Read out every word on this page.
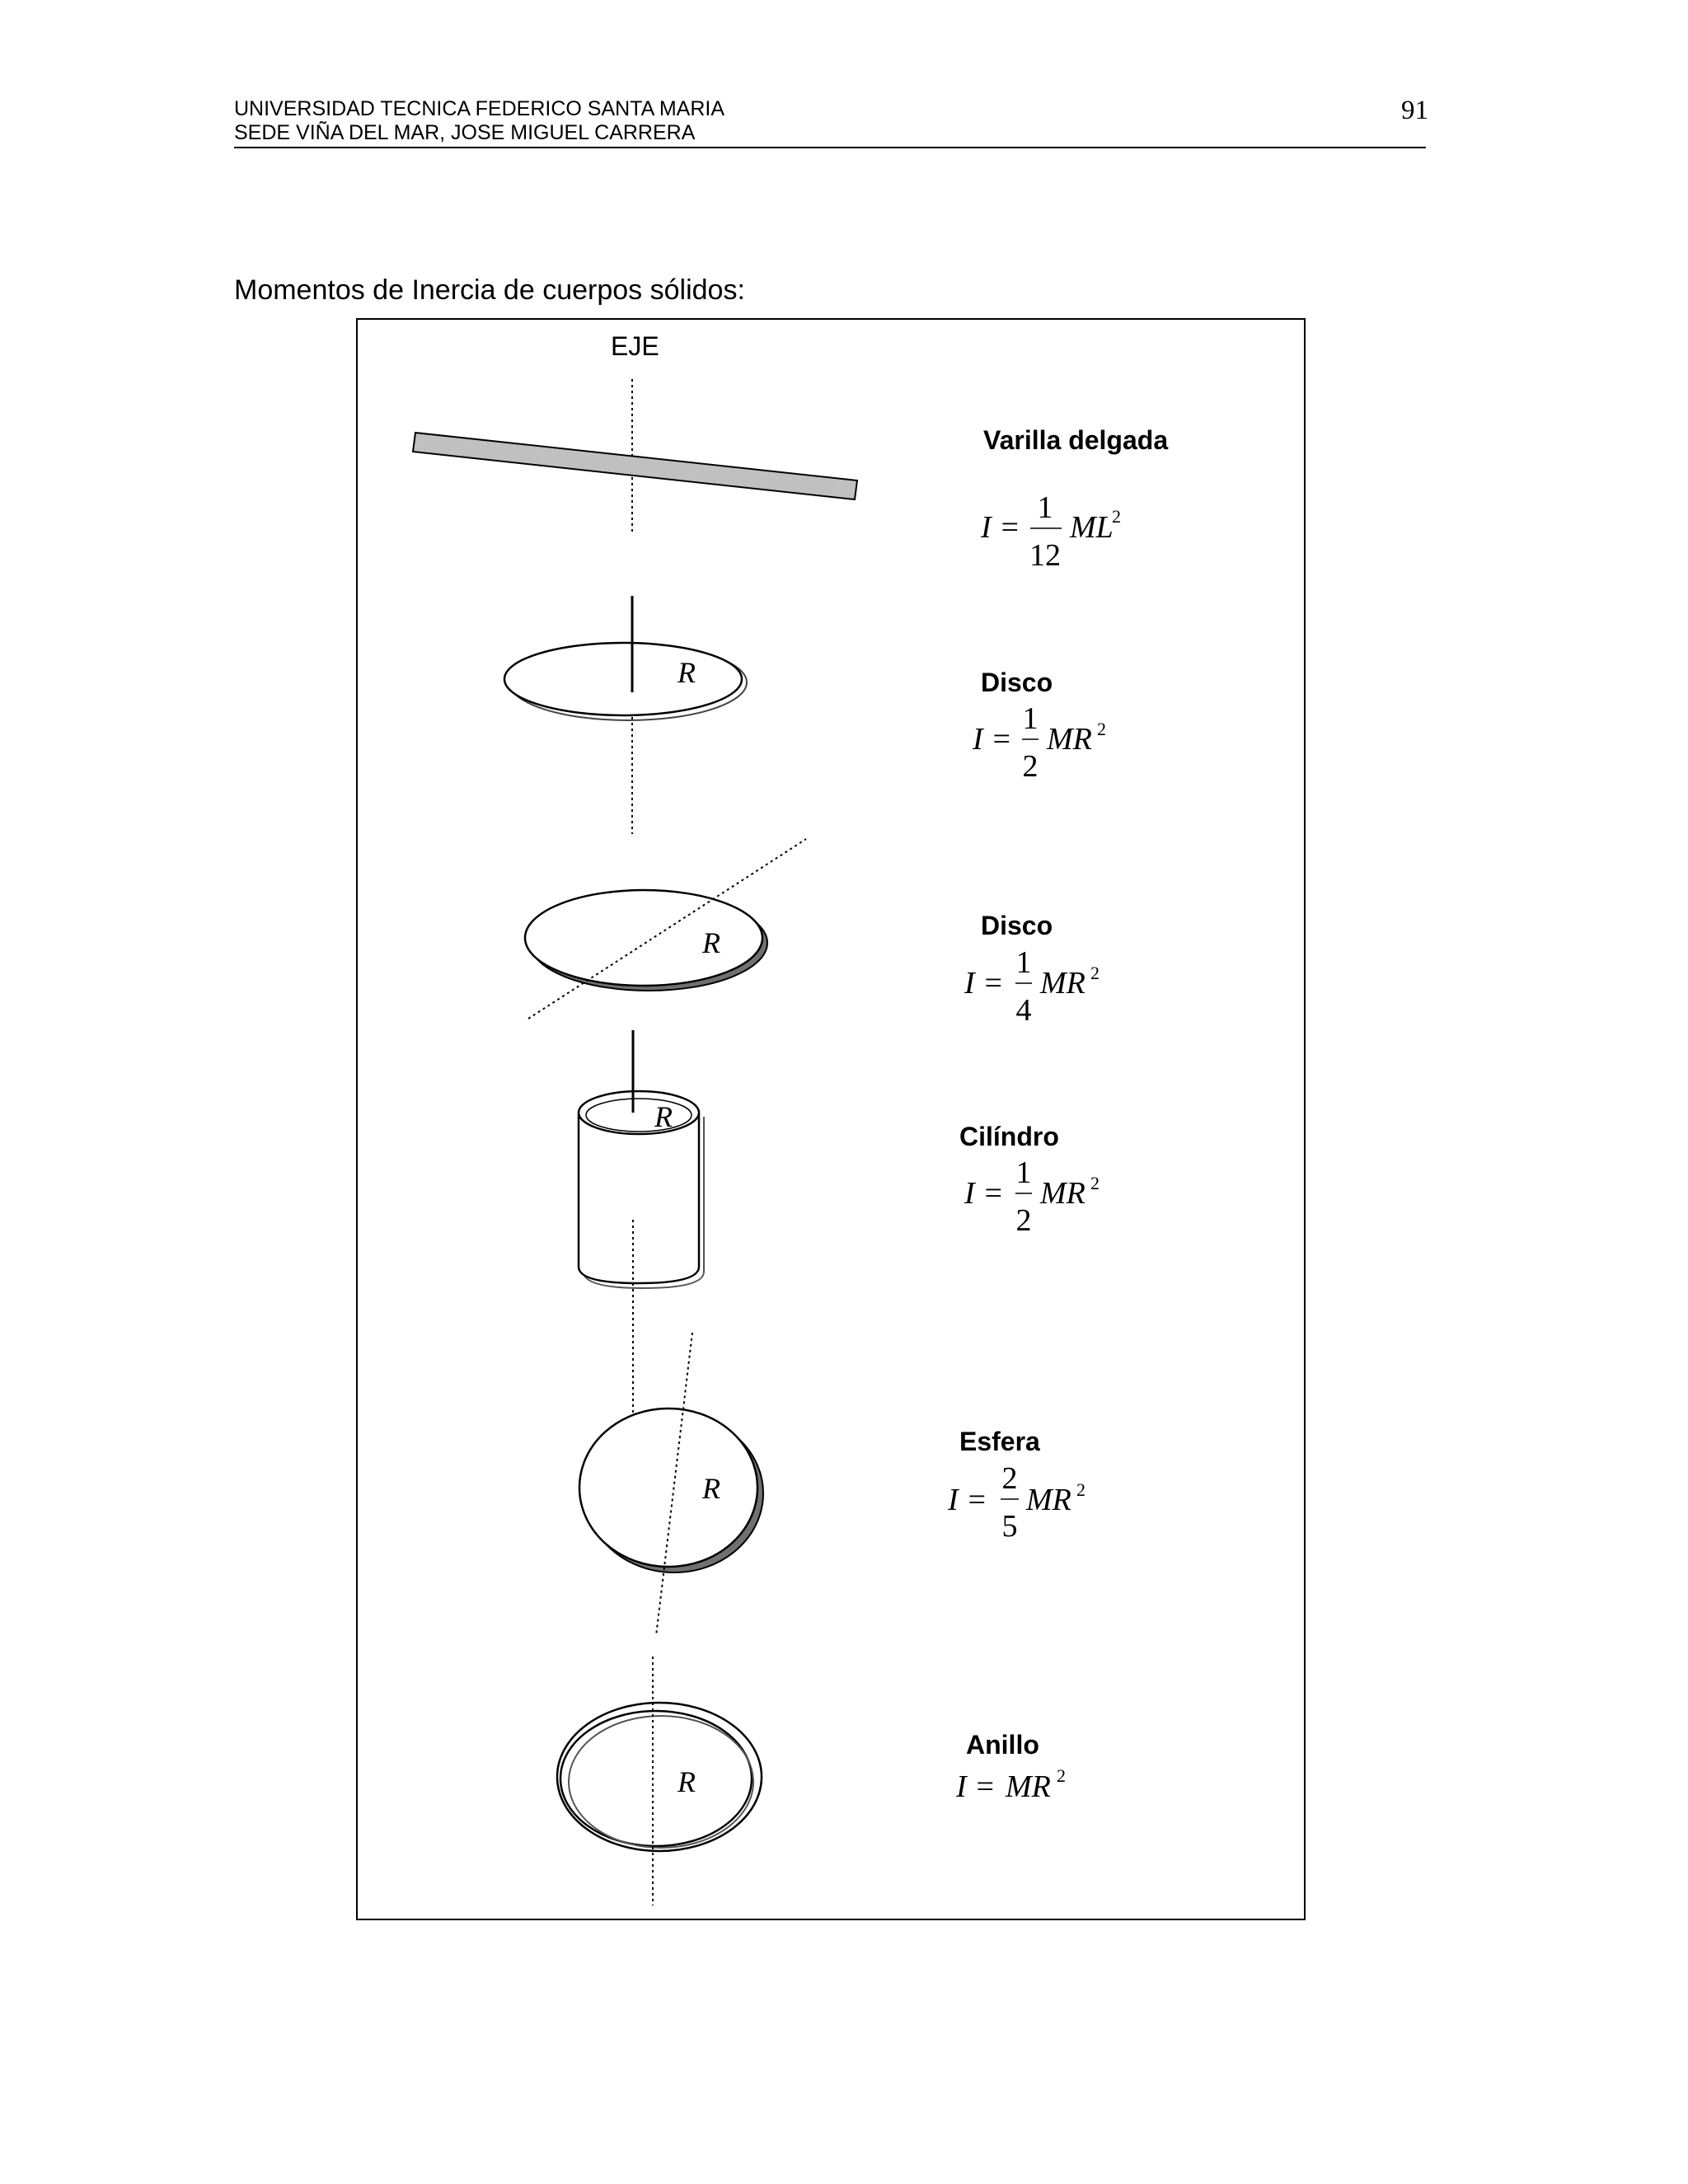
UNIVERSIDAD TECNICA FEDERICO SANTA MARIA
SEDE VIÑA DEL MAR, JOSE MIGUEL CARRERA
91
Momentos de Inercia de cuerpos sólidos:
EJE
R
R
R
R
R
Varilla delgada
I =
1
12
ML
2
Disco
I =
1
2
MR 2
Disco
I =
1
4
MR 2
Cilíndro
I =
1
2
MR 2
Esfera
I =
2
5
MR 2
Anillo
I = MR 2
